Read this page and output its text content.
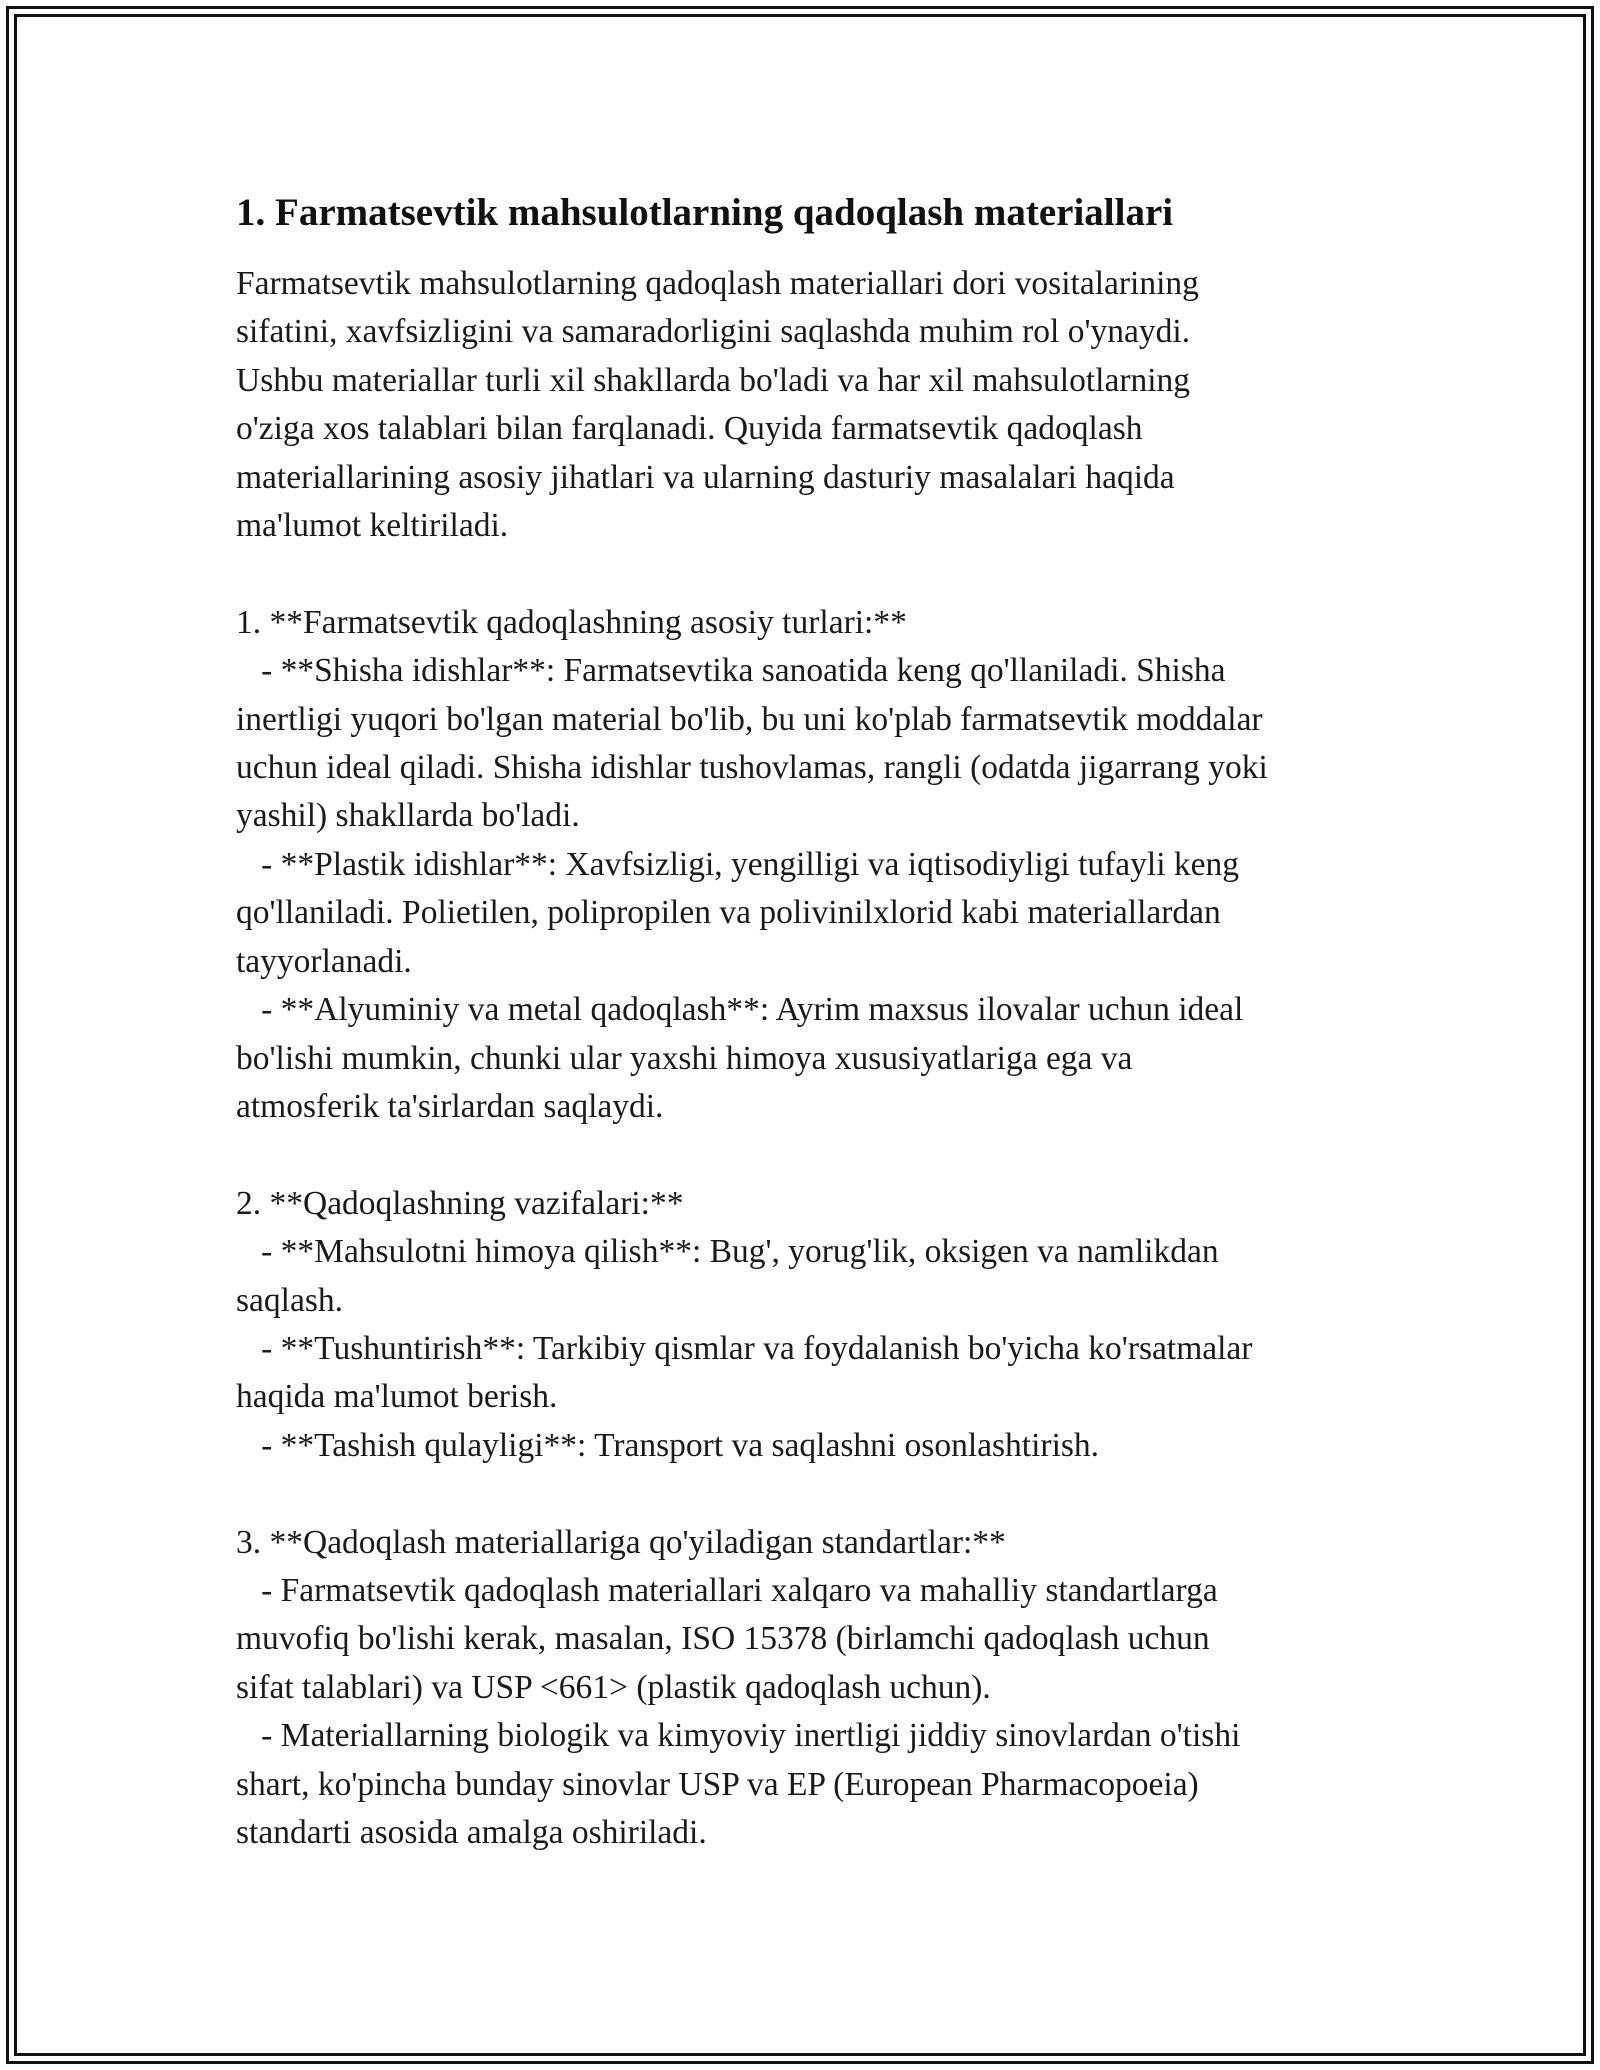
1. Farmatsevtik mahsulotlarning qadoqlash materiallari
Farmatsevtik mahsulotlarning qadoqlash materiallari dori vositalarining
sifatini, xavfsizligini va samaradorligini saqlashda muhim rol o'ynaydi.
Ushbu materiallar turli xil shakllarda bo'ladi va har xil mahsulotlarning
o'ziga xos talablari bilan farqlanadi. Quyida farmatsevtik qadoqlash
materiallarining asosiy jihatlari va ularning dasturiy masalalari haqida
ma'lumot keltiriladi.

1. **Farmatsevtik qadoqlashning asosiy turlari:**
- **Shisha idishlar**: Farmatsevtika sanoatida keng qo'llaniladi. Shisha
inertligi yuqori bo'lgan material bo'lib, bu uni ko'plab farmatsevtik moddalar
uchun ideal qiladi. Shisha idishlar tushovlamas, rangli (odatda jigarrang yoki
yashil) shakllarda bo'ladi.
- **Plastik idishlar**: Xavfsizligi, yengilligi va iqtisodiyligi tufayli keng
qo'llaniladi. Polietilen, polipropilen va polivinilxlorid kabi materiallardan
tayyorlanadi.
- **Alyuminiy va metal qadoqlash**: Ayrim maxsus ilovalar uchun ideal
bo'lishi mumkin, chunki ular yaxshi himoya xususiyatlariga ega va
atmosferik ta'sirlardan saqlaydi.

2. **Qadoqlashning vazifalari:**
- **Mahsulotni himoya qilish**: Bug', yorug'lik, oksigen va namlikdan
saqlash.
- **Tushuntirish**: Tarkibiy qismlar va foydalanish bo'yicha ko'rsatmalar
haqida ma'lumot berish.
- **Tashish qulayligi**: Transport va saqlashni osonlashtirish.

3. **Qadoqlash materiallariga qo'yiladigan standartlar:**
- Farmatsevtik qadoqlash materiallari xalqaro va mahalliy standartlarga
muvofiq bo'lishi kerak, masalan, ISO 15378 (birlamchi qadoqlash uchun
sifat talablari) va USP <661> (plastik qadoqlash uchun).
- Materiallarning biologik va kimyoviy inertligi jiddiy sinovlardan o'tishi
shart, ko'pincha bunday sinovlar USP va EP (European Pharmacopoeia)
standarti asosida amalga oshiriladi.
